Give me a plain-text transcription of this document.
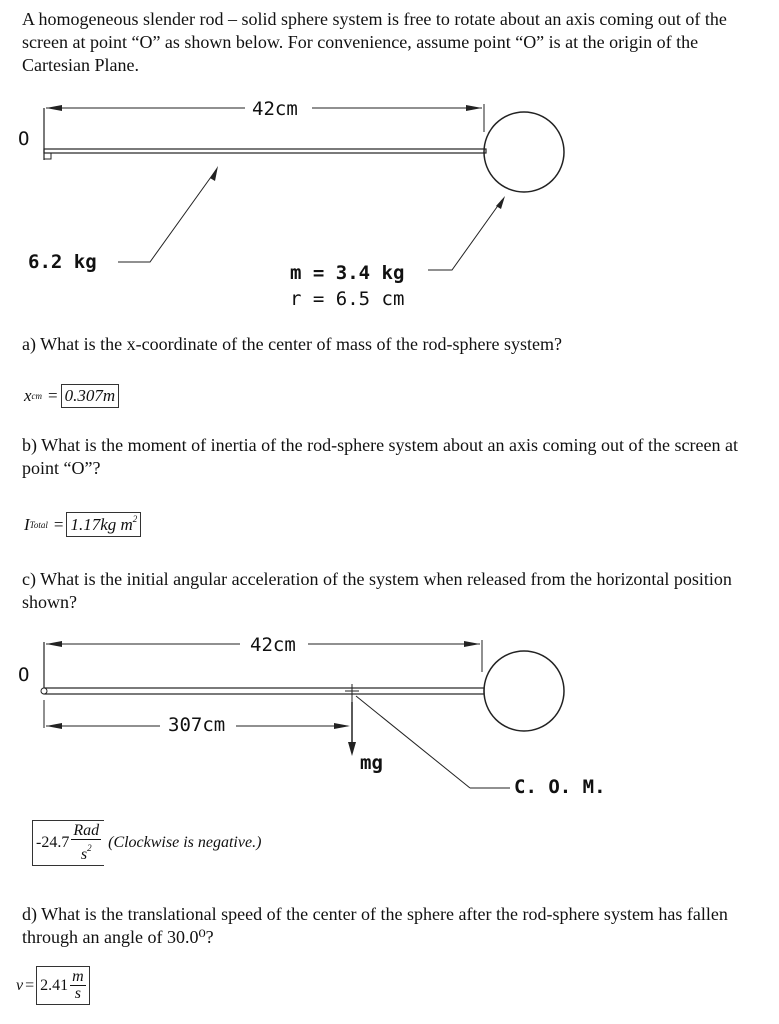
A homogeneous slender rod – solid sphere system is free to rotate about an axis coming out of the screen at point “O” as shown below. For convenience, assume point “O” is at the origin of the Cartesian Plane.

O
42cm
6.2 kg	m = 3.4 kg
r = 6.5 cm

a) What is the x-coordinate of the center of mass of the rod-sphere system?

x cm = 0.307m

b) What is the moment of inertia of the rod-sphere system about an axis coming out of the screen at point “O”?

I Total = 1.17kg $m^2$

c) What is the initial angular acceleration of the system when released from the horizontal position shown?

O
42cm
307cm
mg
C. O. M.
$-24.7 \frac{\text{Rad}}{s^2}$ (Clockwise is negative.)

d) What is the translational speed of the center of the sphere after the rod-sphere system has fallen through an angle of 30.0⁰?

$v = 2.41 \frac{m}{s}$
